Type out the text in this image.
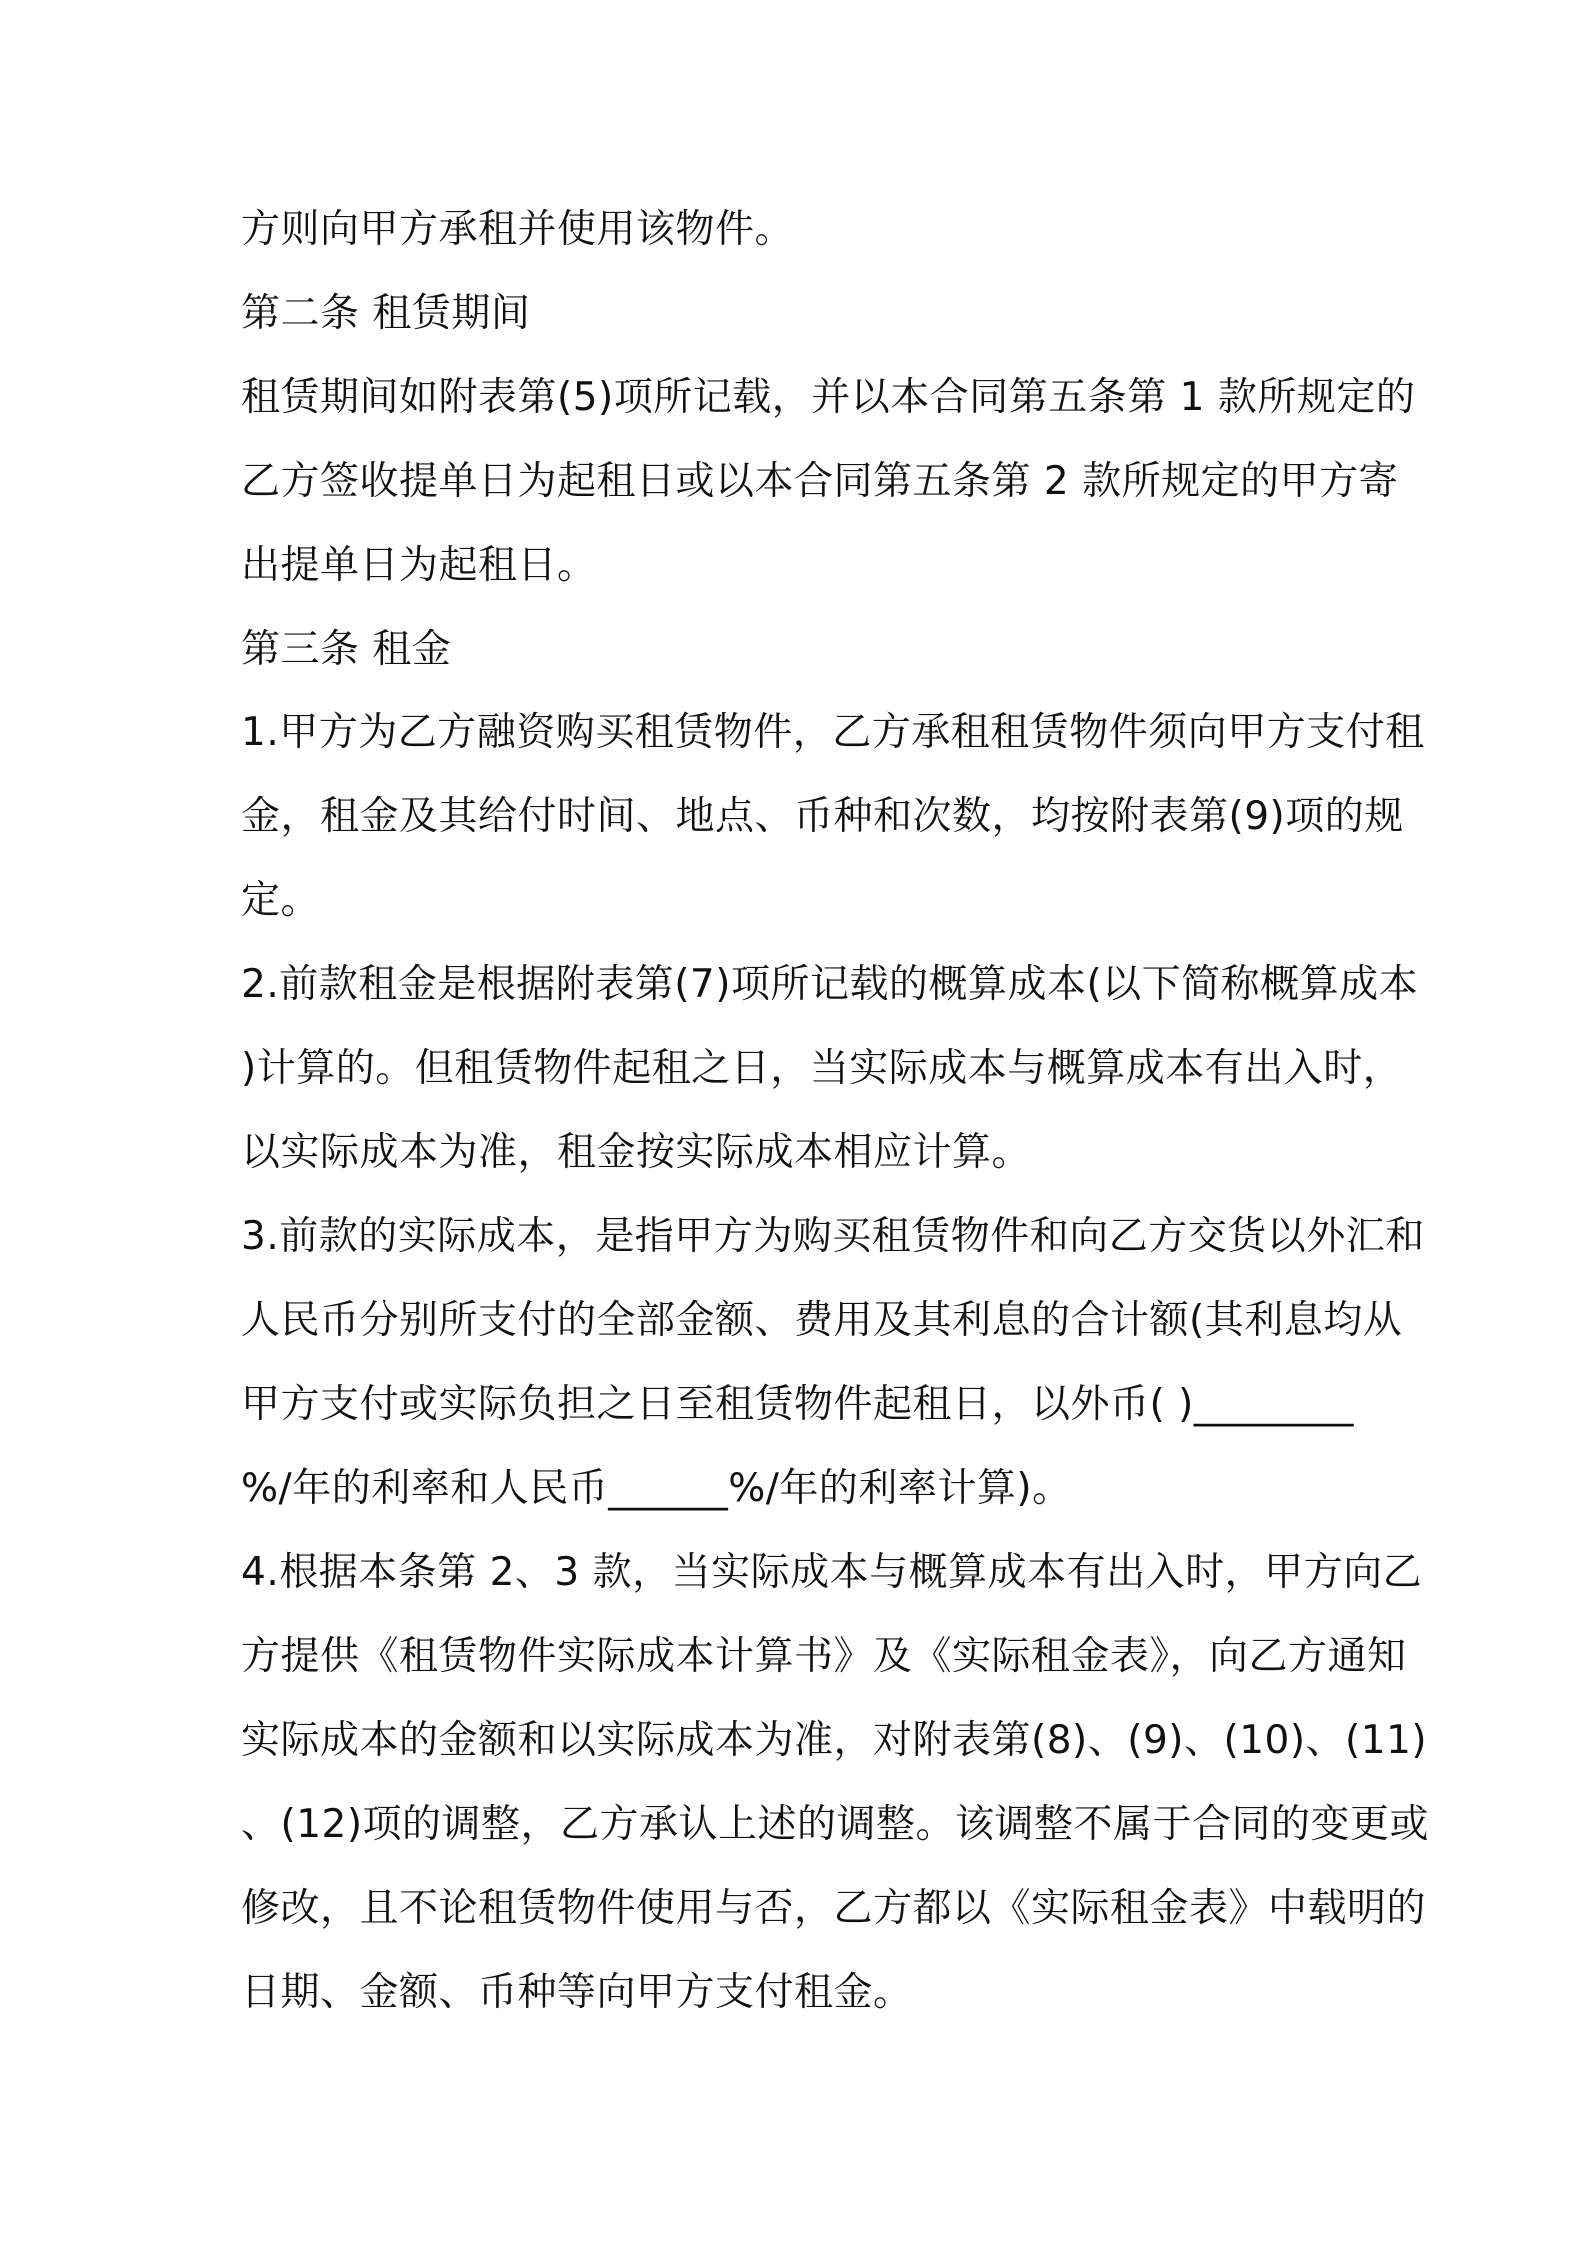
方则向甲方承租并使用该物件。
第二条 租赁期间
租赁期间如附表第(5)项所记载，并以本合同第五条第 1 款所规定的
乙方签收提单日为起租日或以本合同第五条第 2 款所规定的甲方寄
出提单日为起租日。
第三条 租金
1.甲方为乙方融资购买租赁物件，乙方承租租赁物件须向甲方支付租
金，租金及其给付时间、地点、币种和次数，均按附表第(9)项的规
定。
2.前款租金是根据附表第(7)项所记载的概算成本(以下简称概算成本
)计算的。但租赁物件起租之日，当实际成本与概算成本有出入时，
以实际成本为准，租金按实际成本相应计算。
3.前款的实际成本，是指甲方为购买租赁物件和向乙方交货以外汇和
人民币分别所支付的全部金额、费用及其利息的合计额(其利息均从
甲方支付或实际负担之日至租赁物件起租日，以外币( )________
%/年的利率和人民币______%/年的利率计算)。
4.根据本条第 2、3 款，当实际成本与概算成本有出入时，甲方向乙
方提供《租赁物件实际成本计算书》及《实际租金表》，向乙方通知
实际成本的金额和以实际成本为准，对附表第(8)、(9)、(10)、(11)
、(12)项的调整，乙方承认上述的调整。该调整不属于合同的变更或
修改，且不论租赁物件使用与否，乙方都以《实际租金表》中载明的
日期、金额、币种等向甲方支付租金。
